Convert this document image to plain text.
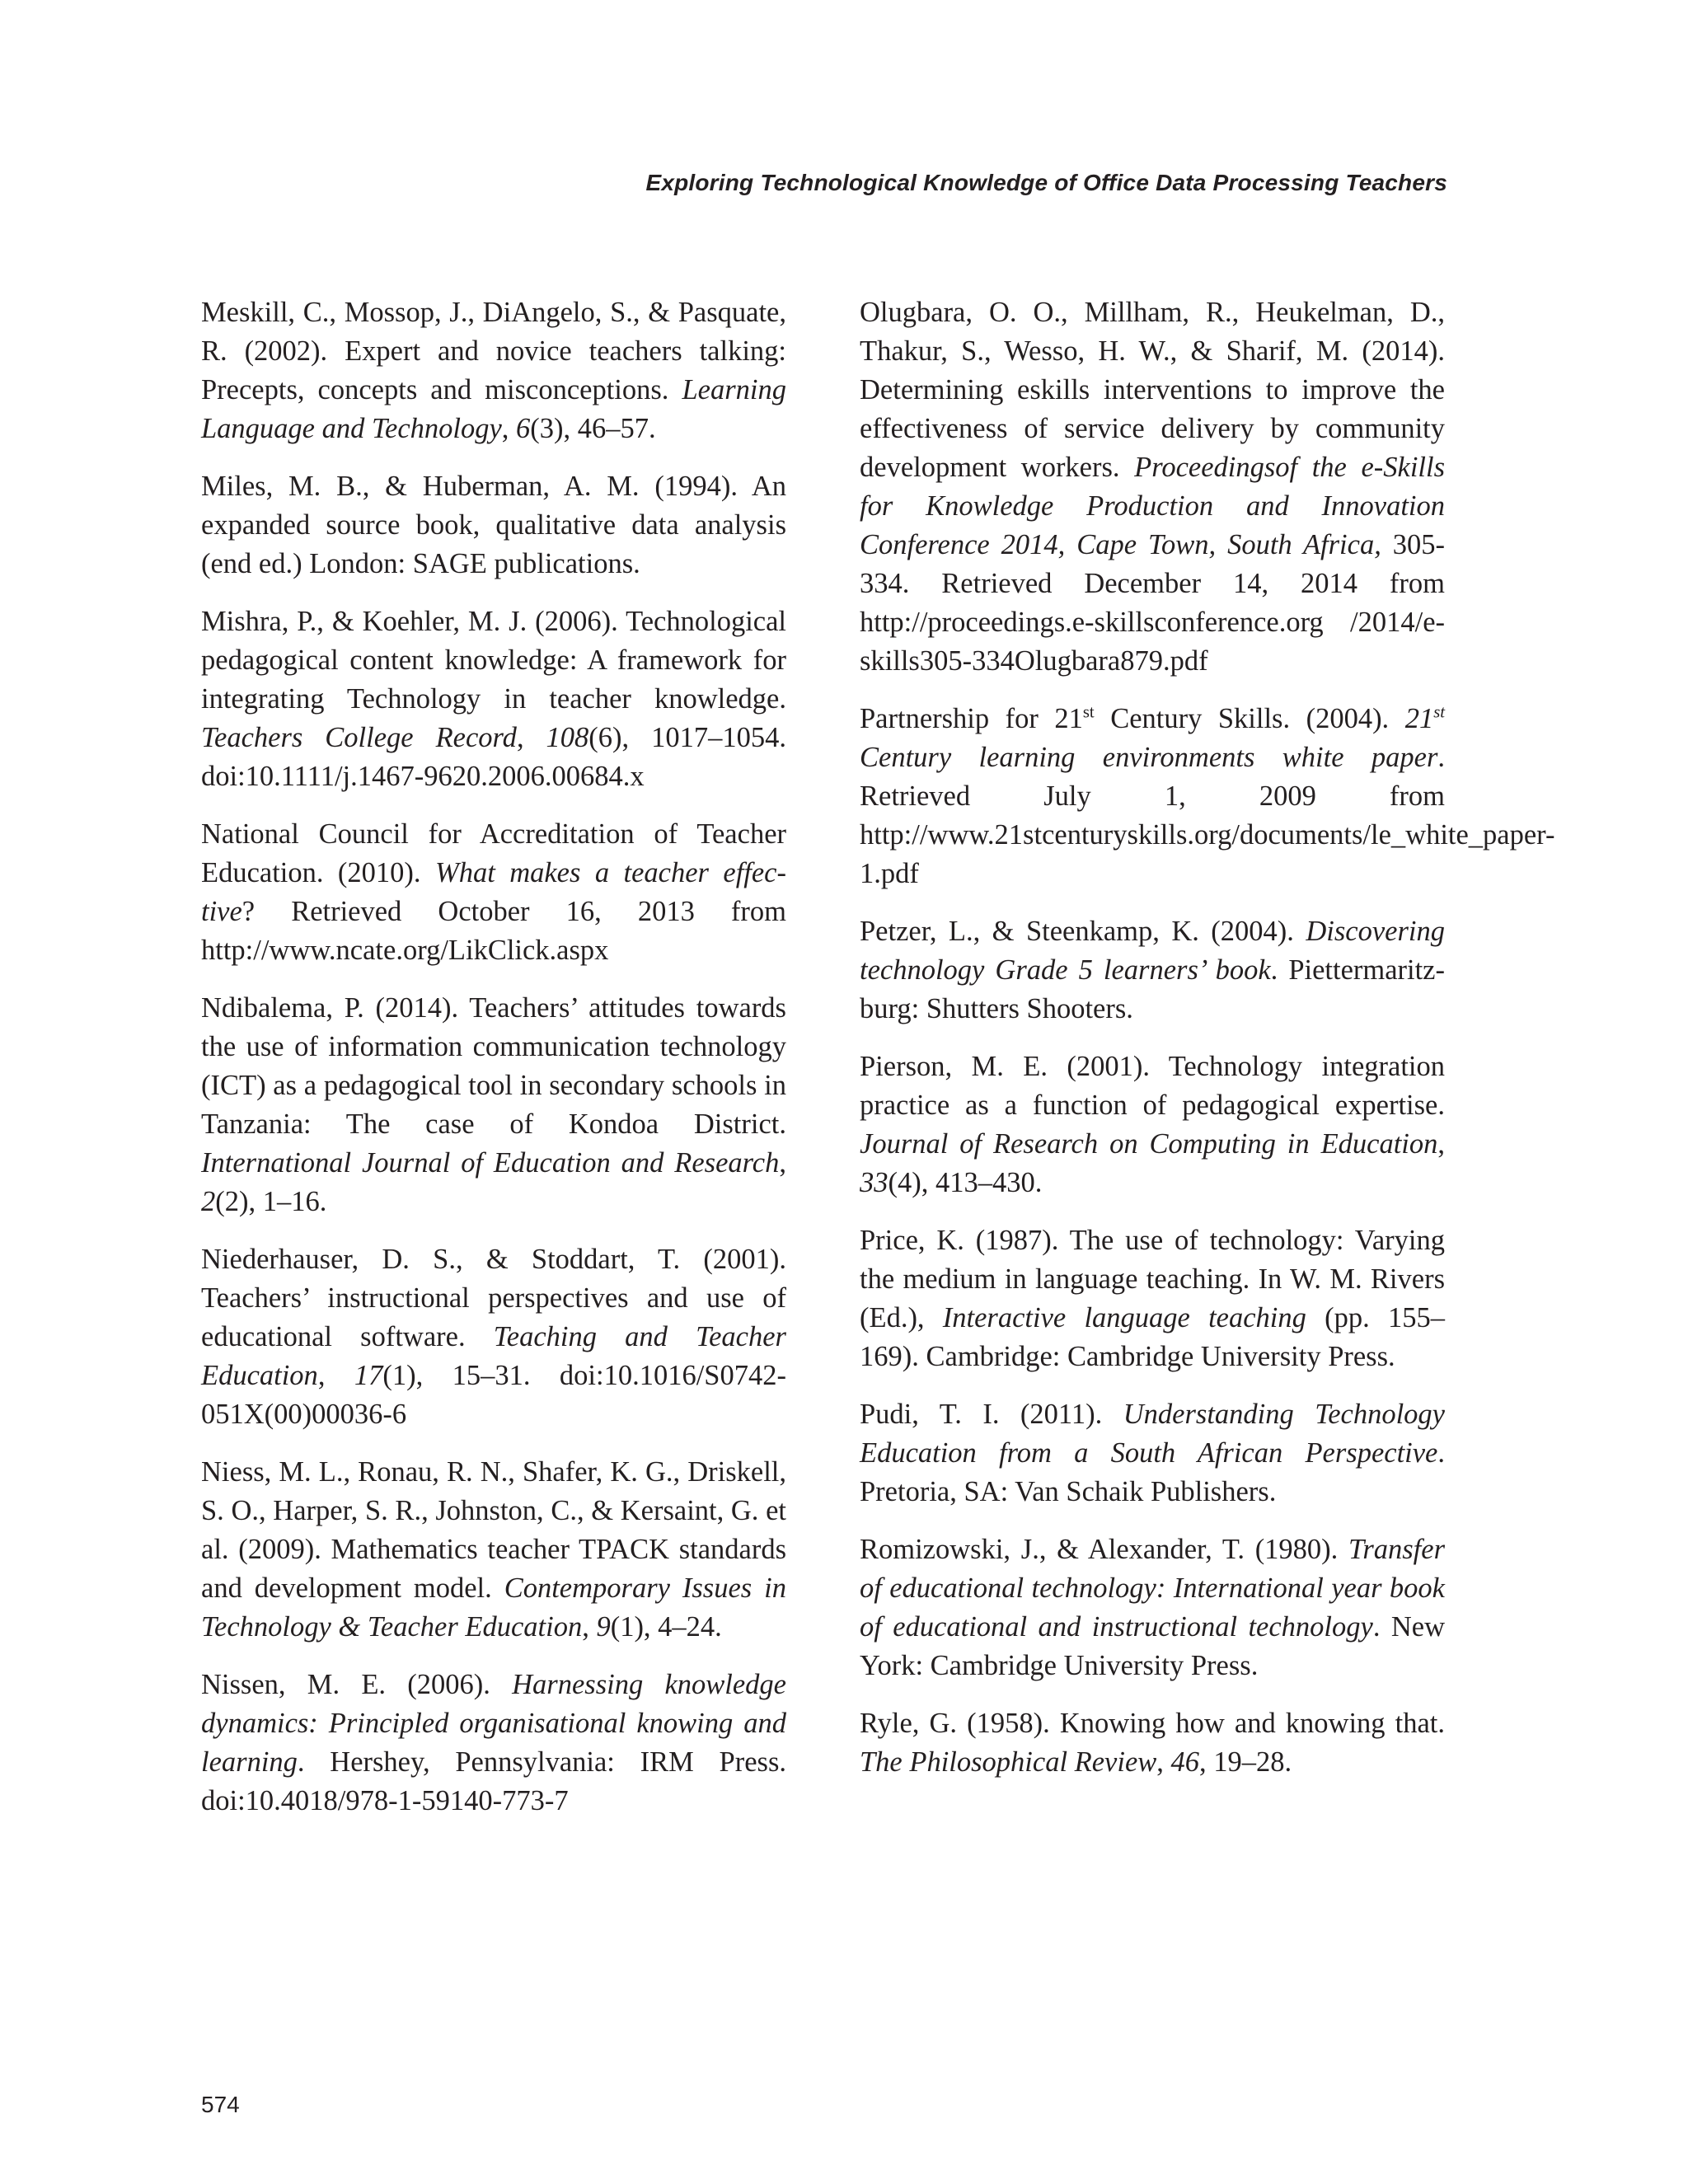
Exploring Technological Knowledge of Office Data Processing Teachers

Meskill, C., Mossop, J., DiAngelo, S., & Pasquate, R. (2002). Expert and novice teachers talking: Precepts, concepts and misconceptions. Learning Language and Technology, 6(3), 46–57.

Miles, M. B., & Huberman, A. M. (1994). An expanded source book, qualitative data analysis (end ed.) London: SAGE publications.

Mishra, P., & Koehler, M. J. (2006). Technological pedagogical content knowledge: A framework for integrating Technology in teacher knowledge. Teachers College Record, 108(6), 1017–1054. doi:10.1111/j.1467-9620.2006.00684.x

National Council for Accreditation of Teacher Education. (2010). What makes a teacher effective? Retrieved October 16, 2013 from http://www.ncate.org/LikClick.aspx

Ndibalema, P. (2014). Teachers’ attitudes towards the use of information communication technology (ICT) as a pedagogical tool in secondary schools in Tanzania: The case of Kondoa District. International Journal of Education and Research, 2(2), 1–16.

Niederhauser, D. S., & Stoddart, T. (2001). Teachers’ instructional perspectives and use of educational software. Teaching and Teacher Education, 17(1), 15–31. doi:10.1016/S0742-051X(00)00036-6

Niess, M. L., Ronau, R. N., Shafer, K. G., Driskell, S. O., Harper, S. R., Johnston, C., & Kersaint, G. et al. (2009). Mathematics teacher TPACK standards and development model. Contemporary Issues in Technology & Teacher Education, 9(1), 4–24.

Nissen, M. E. (2006). Harnessing knowledge dynamics: Principled organisational knowing and learning. Hershey, Pennsylvania: IRM Press. doi:10.4018/978-1-59140-773-7

Olugbara, O. O., Millham, R., Heukelman, D., Thakur, S., Wesso, H. W., & Sharif, M. (2014). Determining eskills interventions to improve the effectiveness of service delivery by community development workers. Proceedingsof the e-Skills for Knowledge Production and Innovation Conference 2014, Cape Town, South Africa, 305-334. Retrieved December 14, 2014 from http://proceedings.e-skillsconference.org /2014/e-skills305-334Olugbara879.pdf

Partnership for 21st Century Skills. (2004). 21st Century learning environments white paper. Retrieved July 1, 2009 from http://www.21stcenturyskills.org/documents/le_white_paper-1.pdf

Petzer, L., & Steenkamp, K. (2004). Discovering technology Grade 5 learners’ book. Piettermaritzburg: Shutters Shooters.

Pierson, M. E. (2001). Technology integration practice as a function of pedagogical expertise. Journal of Research on Computing in Education, 33(4), 413–430.

Price, K. (1987). The use of technology: Varying the medium in language teaching. In W. M. Rivers (Ed.), Interactive language teaching (pp. 155–169). Cambridge: Cambridge University Press.

Pudi, T. I. (2011). Understanding Technology Education from a South African Perspective. Pretoria, SA: Van Schaik Publishers.

Romizowski, J., & Alexander, T. (1980). Transfer of educational technology: International year book of educational and instructional technology. New York: Cambridge University Press.

Ryle, G. (1958). Knowing how and knowing that. The Philosophical Review, 46, 19–28.

574
